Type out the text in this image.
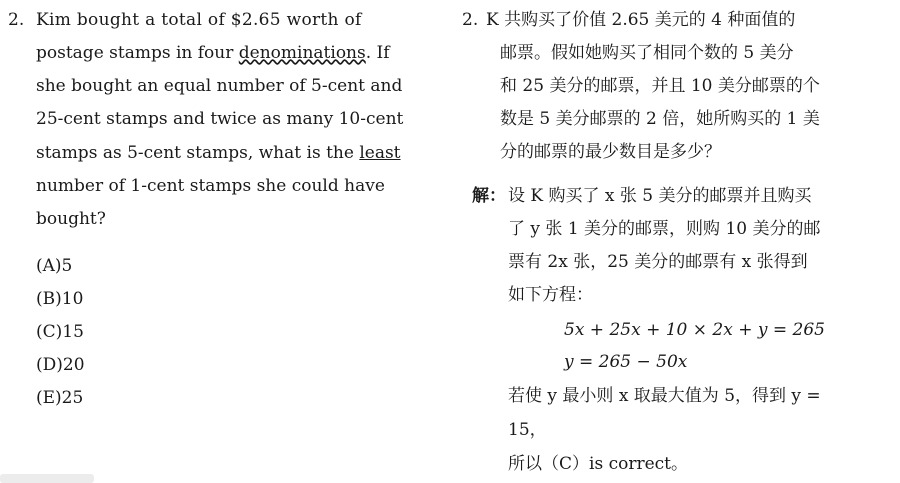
2. Kim bought a total of $2.65 worth of
postage stamps in four denominations. If
she bought an equal number of 5-cent and
25-cent stamps and twice as many 10-cent
stamps as 5-cent stamps, what is the least
number of 1-cent stamps she could have
bought?
(A)5
(B)10
(C)15
(D)20
(E)25
2. K 共购买了价值 2.65 美元的 4 种面值的
邮票。假如她购买了相同个数的 5 美分
和 25 美分的邮票，并且 10 美分邮票的个
数是 5 美分邮票的 2 倍，她所购买的 1 美
分的邮票的最少数目是多少？
解： 设 K 购买了 x 张 5 美分的邮票并且购买
了 y 张 1 美分的邮票，则购 10 美分的邮
票有 2x 张，25 美分的邮票有 x 张得到
如下方程：
5x + 25x + 10 × 2x + y = 265
y = 265 − 50x
若使 y 最小则 x 取最大值为 5，得到 y =
15，
所以（C）is correct。
